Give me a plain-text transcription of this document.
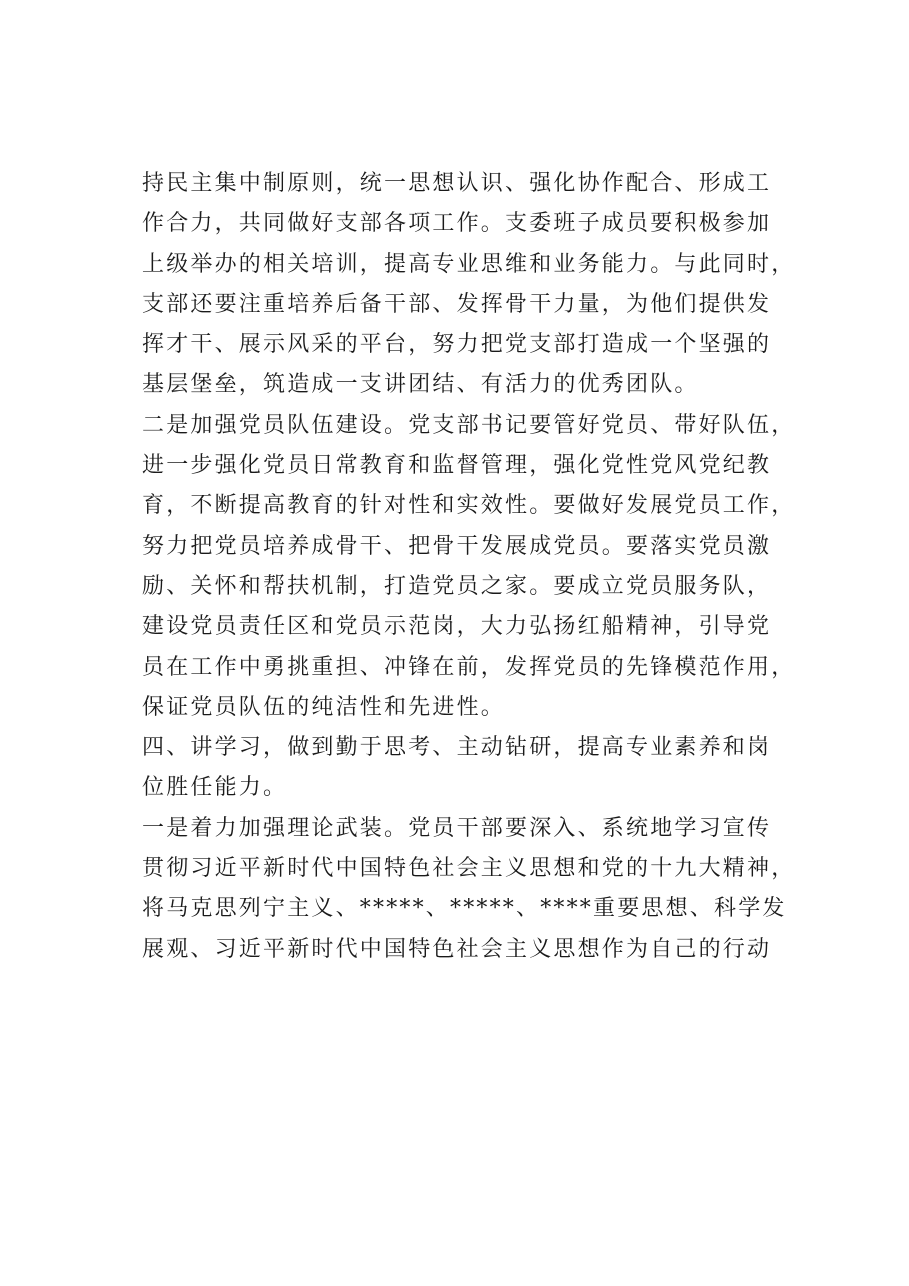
持民主集中制原则，统一思想认识、强化协作配合、形成工
作合力，共同做好支部各项工作。支委班子成员要积极参加
上级举办的相关培训，提高专业思维和业务能力。与此同时，
支部还要注重培养后备干部、发挥骨干力量，为他们提供发
挥才干、展示风采的平台，努力把党支部打造成一个坚强的
基层堡垒，筑造成一支讲团结、有活力的优秀团队。
二是加强党员队伍建设。党支部书记要管好党员、带好队伍，
进一步强化党员日常教育和监督管理，强化党性党风党纪教
育，不断提高教育的针对性和实效性。要做好发展党员工作，
努力把党员培养成骨干、把骨干发展成党员。要落实党员激
励、关怀和帮扶机制，打造党员之家。要成立党员服务队，
建设党员责任区和党员示范岗，大力弘扬红船精神，引导党
员在工作中勇挑重担、冲锋在前，发挥党员的先锋模范作用，
保证党员队伍的纯洁性和先进性。
四、讲学习，做到勤于思考、主动钻研，提高专业素养和岗
位胜任能力。
一是着力加强理论武装。党员干部要深入、系统地学习宣传
贯彻习近平新时代中国特色社会主义思想和党的十九大精神，
将马克思列宁主义、*****、*****、****重要思想、科学发
展观、习近平新时代中国特色社会主义思想作为自己的行动
